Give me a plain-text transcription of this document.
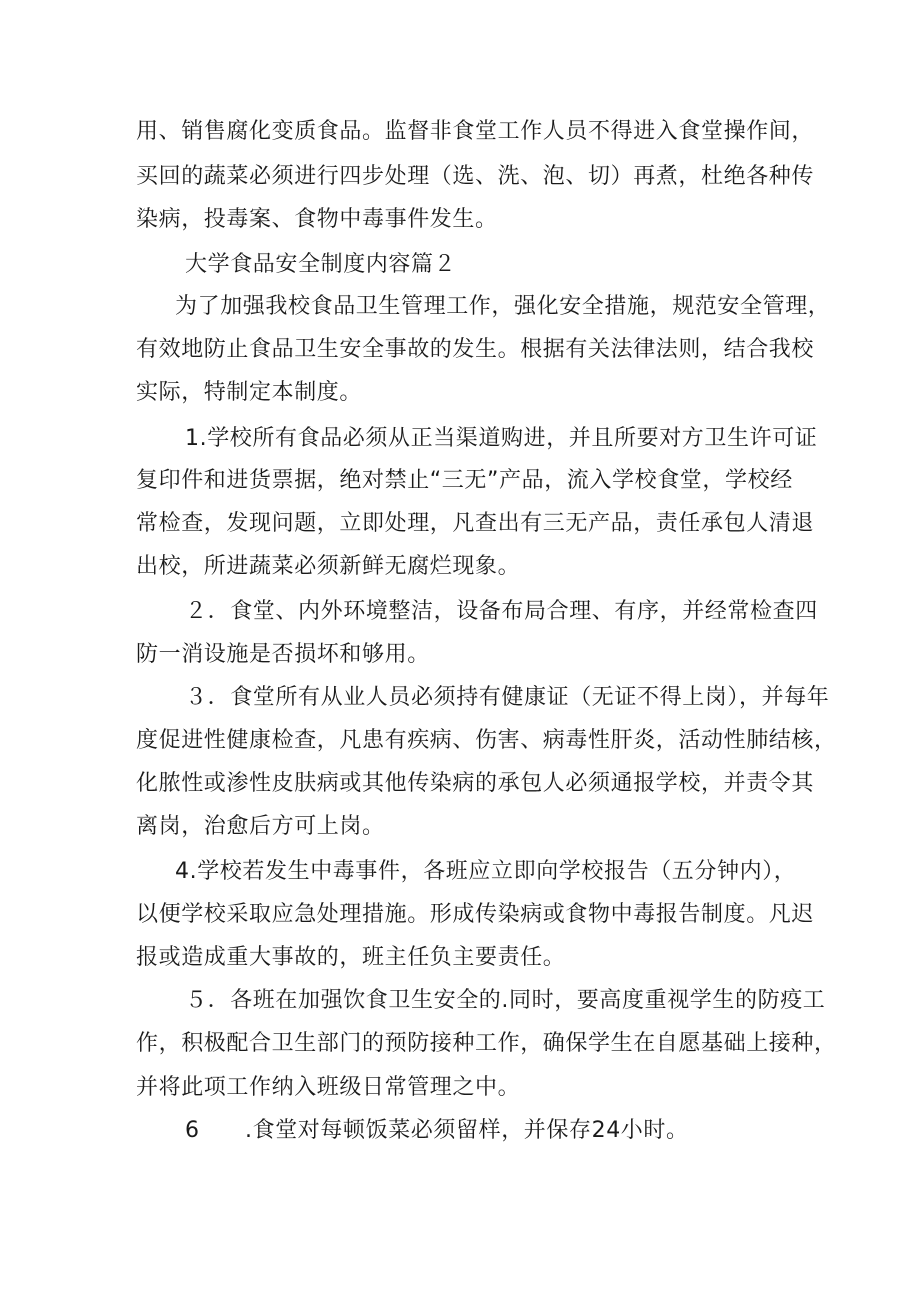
用、销售腐化变质食品。监督非食堂工作人员不得进入食堂操作间，
买回的蔬菜必须进行四步处理（选、洗、泡、切）再煮，杜绝各种传
染病，投毒案、食物中毒事件发生。
大学食品安全制度内容篇２
为了加强我校食品卫生管理工作，强化安全措施，规范安全管理，
有效地防止食品卫生安全事故的发生。根据有关法律法则，结合我校
实际，特制定本制度。
1.学校所有食品必须从正当渠道购进，并且所要对方卫生许可证
复印件和进货票据，绝对禁止“三无”产品，流入学校食堂，学校经
常检查，发现问题，立即处理，凡查出有三无产品，责任承包人清退
出校，所进蔬菜必须新鲜无腐烂现象。
２．食堂、内外环境整洁，设备布局合理、有序，并经常检查四
防一消设施是否损坏和够用。
３．食堂所有从业人员必须持有健康证（无证不得上岗），并每年
度促进性健康检查，凡患有疾病、伤害、病毒性肝炎，活动性肺结核，
化脓性或渗性皮肤病或其他传染病的承包人必须通报学校，并责令其
离岗，治愈后方可上岗。
4.学校若发生中毒事件，各班应立即向学校报告（五分钟内），
以便学校采取应急处理措施。形成传染病或食物中毒报告制度。凡迟
报或造成重大事故的，班主任负主要责任。
５．各班在加强饮食卫生安全的.同时，要高度重视学生的防疫工
作，积极配合卫生部门的预防接种工作，确保学生在自愿基础上接种，
并将此项工作纳入班级日常管理之中。
6 .食堂对每顿饭菜必须留样，并保存24小时。
